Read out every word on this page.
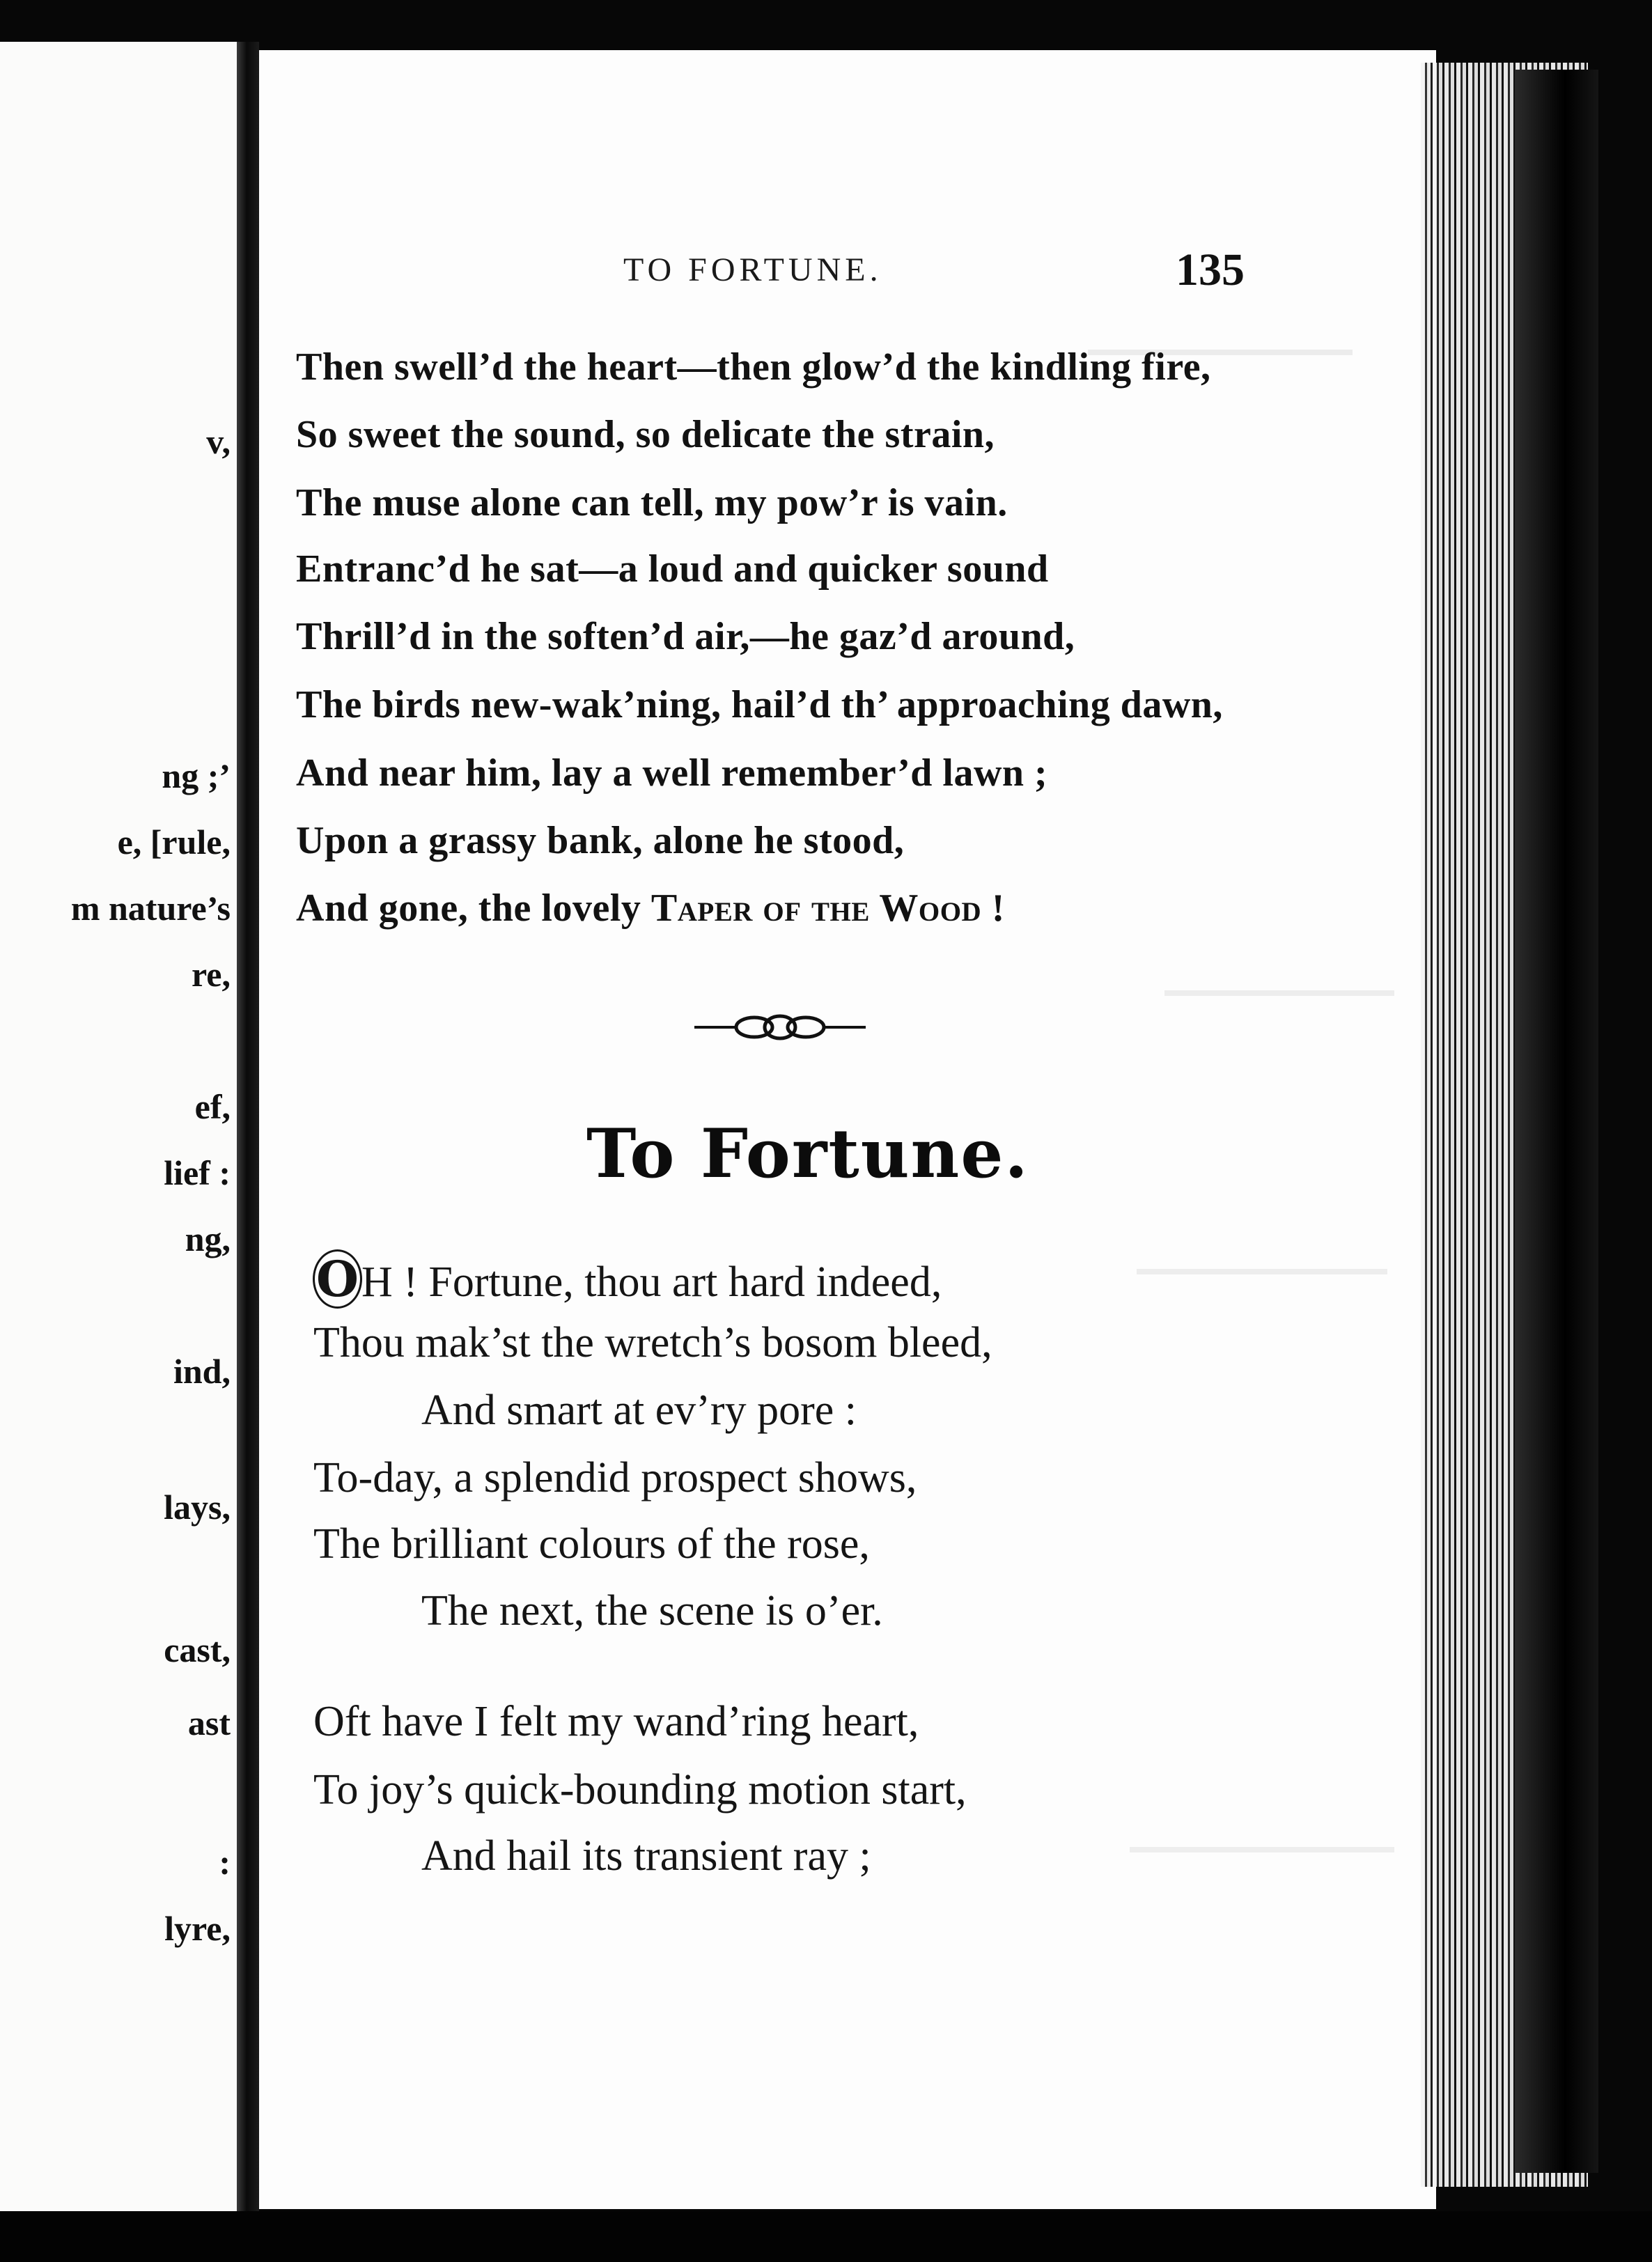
v,
ng ;’
e, [rule,
m nature’s
re,
ef,
lief :
ng,
ind,
lays,
cast,
ast
:
lyre,
TO FORTUNE.	135
Then swell’d the heart—then glow’d the kindling fire,
So sweet the sound, so delicate the strain,
The muse alone can tell, my pow’r is vain.
Entranc’d he sat—a loud and quicker sound
Thrill’d in the soften’d air,—he gaz’d around,
The birds new-wak’ning, hail’d th’ approaching dawn,
And near him, lay a well remember’d lawn ;
Upon a grassy bank, alone he stood,
And gone, the lovely Taper of the Wood !
To Fortune.
OH ! Fortune, thou art hard indeed,
Thou mak’st the wretch’s bosom bleed,
And smart at ev’ry pore :
To-day, a splendid prospect shows,
The brilliant colours of the rose,
The next, the scene is o’er.
Oft have I felt my wand’ring heart,
To joy’s quick-bounding motion start,
And hail its transient ray ;
